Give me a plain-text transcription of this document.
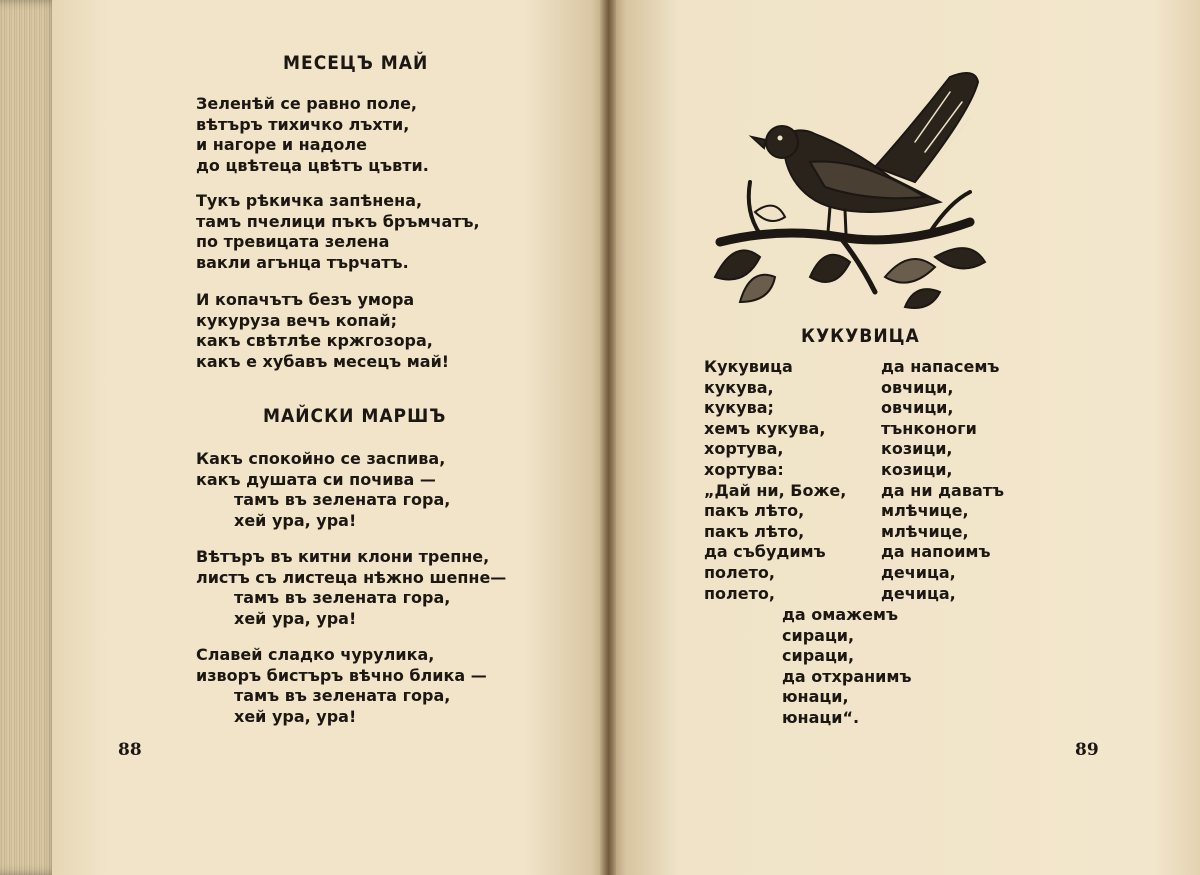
МЕСЕЦЪ МАЙ
Зеленѣй се равно поле,
вѣтъръ тихичко лъхти,
и нагоре и надоле
до цвѣтеца цвѣтъ цъвти.
Тукъ рѣкичка запѣнена,
тамъ пчелици пъкъ бръмчатъ,
по тревицата зелена
вакли агънца търчатъ.
И копачътъ безъ умора
кукуруза вечъ копай;
какъ свѣтлѣе кржгозора,
какъ е хубавъ месецъ май!
МАЙСКИ МАРШЪ
Какъ спокойно се заспива,
какъ душата си почива —
тамъ въ зелената гора,
хей ура, ура!
Вѣтъръ въ китни клони трепне,
листъ съ листеца нѣжно шепне—
тамъ въ зелената гора,
хей ура, ура!
Славей сладко чурулика,
изворъ бистъръ вѣчно блика —
тамъ въ зелената гора,
хей ура, ура!
88
КУКУВИЦА
Кукувица
кукува,
кукува;
хемъ кукува,
хортува,
хортува:
„Дай ни, Боже,
пакъ лѣто,
пакъ лѣто,
да събудимъ
полето,
полето,
да напасемъ
овчици,
овчици,
тънконоги
козици,
козици,
да ни даватъ
млѣчице,
млѣчице,
да напоимъ
дечица,
дечица,
да омажемъ
сираци,
сираци,
да отхранимъ
юнаци,
юнаци“.
89
